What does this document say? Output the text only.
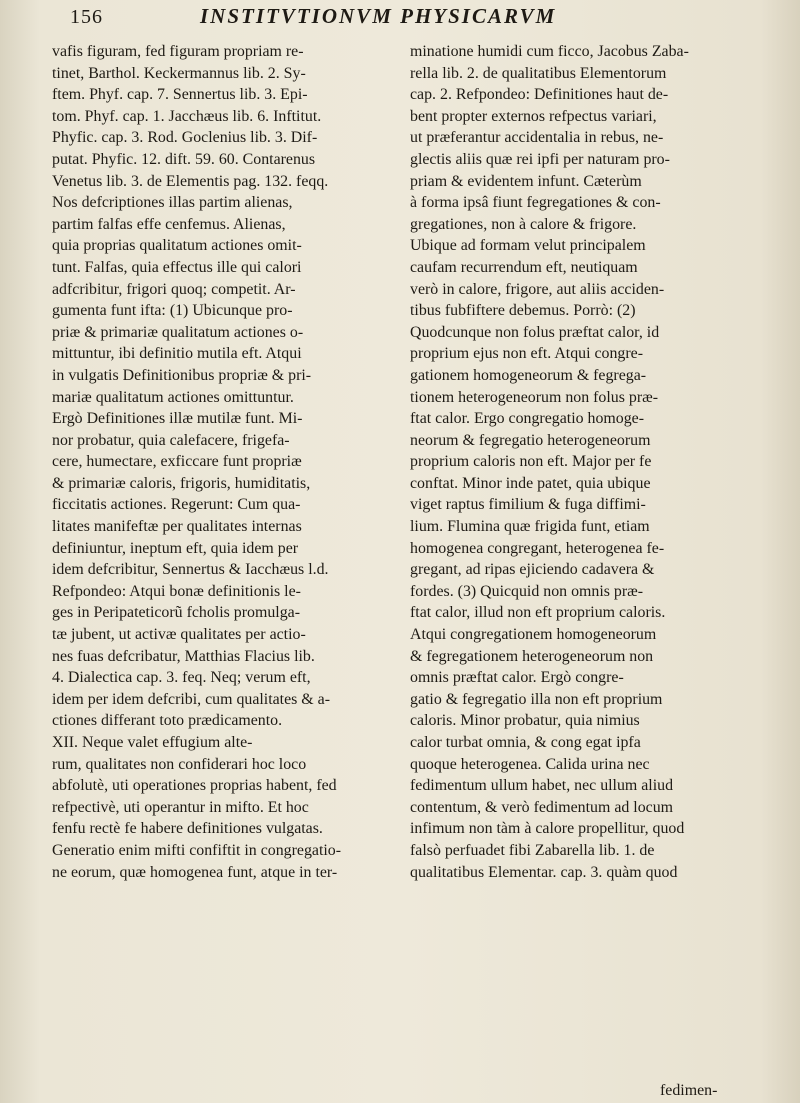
156	INSTITVTIONVM PHYSICARVM
vafis figuram, fed figuram propriam re-
tinet, Barthol. Keckermannus lib. 2. Sy-
ftem. Phyf. cap. 7. Sennertus lib. 3. Epi-
tom. Phyf. cap. 1. Jacchæus lib. 6. Inftitut.
Phyfic. cap. 3. Rod. Goclenius lib. 3. Dif-
putat. Phyfic. 12. dift. 59. 60. Contarenus
Venetus lib. 3. de Elementis pag. 132. feqq.
Nos defcriptiones illas partim alienas,
partim falfas effe cenfemus. Alienas,
quia proprias qualitatum actiones omit-
tunt. Falfas, quia effectus ille qui calori
adfcribitur, frigori quoq; competit. Ar-
gumenta funt ifta: (1) Ubicunque pro-
priæ & primariæ qualitatum actiones o-
mittuntur, ibi definitio mutila eft. Atqui
in vulgatis Definitionibus propriæ & pri-
mariæ qualitatum actiones omittuntur.
Ergò Definitiones illæ mutilæ funt. Mi-
nor probatur, quia calefacere, frigefa-
cere, humectare, exficcare funt propriæ
& primariæ caloris, frigoris, humiditatis,
ficcitatis actiones. Regerunt: Cum qua-
litates manifeftæ per qualitates internas
definiuntur, ineptum eft, quia idem per
idem defcribitur, Sennertus & Iacchæus l.d.
Refpondeo: Atqui bonæ definitionis le-
ges in Peripateticorũ fcholis promulga-
tæ jubent, ut activæ qualitates per actio-
nes fuas defcribatur, Matthias Flacius lib.
4. Dialectica cap. 3. feq. Neq; verum eft,
idem per idem defcribi, cum qualitates & a-
ctiones differant toto prædicamento.
XII. Neque valet effugium alte-
rum, qualitates non confiderari hoc loco
abfolutè, uti operationes proprias habent, fed
refpectivè, uti operantur in mifto. Et hoc
fenfu rectè fe habere definitiones vulgatas.
Generatio enim mifti confiftit in congregatio-
ne eorum, quæ homogenea funt, atque in ter-
minatione humidi cum ficco, Jacobus Zaba-
rella lib. 2. de qualitatibus Elementorum
cap. 2. Refpondeo: Definitiones haut de-
bent propter externos refpectus variari,
ut præferantur accidentalia in rebus, ne-
glectis aliis quæ rei ipfi per naturam pro-
priam & evidentem infunt. Cæterùm
à forma ipsâ fiunt fegregationes & con-
gregationes, non à calore & frigore.
Ubique ad formam velut principalem
caufam recurrendum eft, neutiquam
verò in calore, frigore, aut aliis acciden-
tibus fubfiftere debemus. Porrò: (2)
Quodcunque non folus præftat calor, id
proprium ejus non eft. Atqui congre-
gationem homogeneorum & fegrega-
tionem heterogeneorum non folus præ-
ftat calor. Ergo congregatio homoge-
neorum & fegregatio heterogeneorum
proprium caloris non eft. Major per fe
conftat. Minor inde patet, quia ubique
viget raptus fimilium & fuga diffimi-
lium. Flumina quæ frigida funt, etiam
homogenea congregant, heterogenea fe-
gregant, ad ripas ejiciendo cadavera &
fordes. (3) Quicquid non omnis præ-
ftat calor, illud non eft proprium caloris.
Atqui congregationem homogeneorum
& fegregationem heterogeneorum non
omnis præftat calor. Ergò congre-
gatio & fegregatio illa non eft proprium
caloris. Minor probatur, quia nimius
calor turbat omnia, & cong egat ipfa
quoque heterogenea. Calida urina nec
fedimentum ullum habet, nec ullum aliud
contentum, & verò fedimentum ad locum
infimum non tàm à calore propellitur, quod
falsò perfuadet fibi Zabarella lib. 1. de
qualitatibus Elementar. cap. 3. quàm quod
fedimen-
